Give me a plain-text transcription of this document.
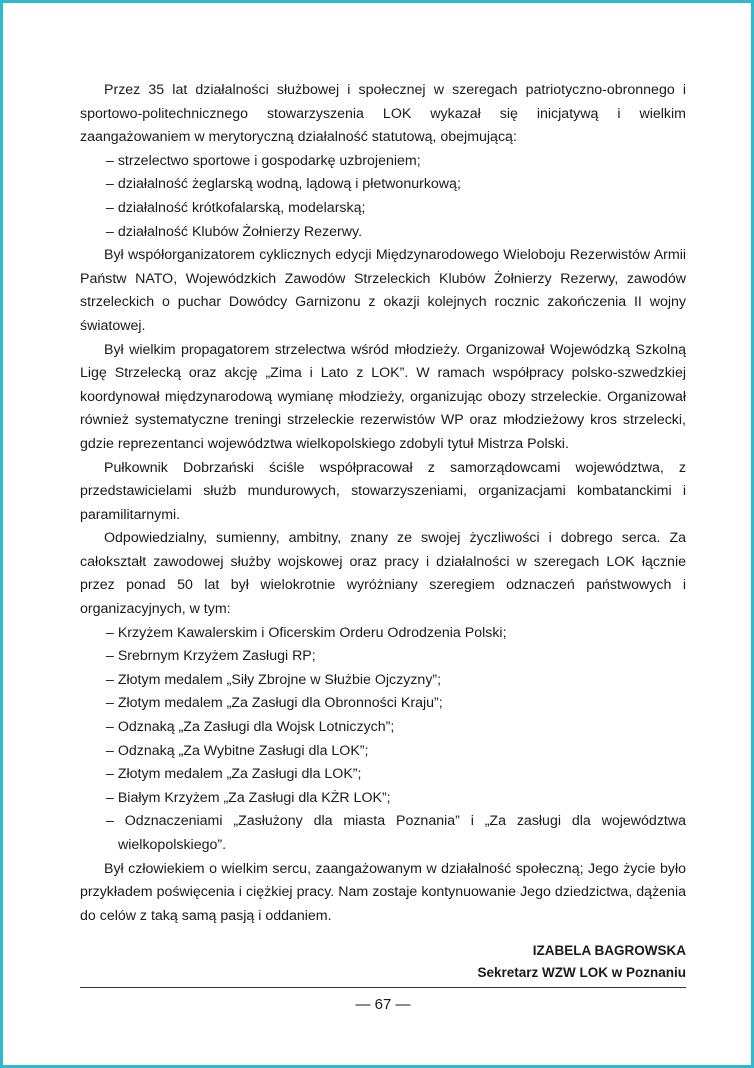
Przez 35 lat działalności służbowej i społecznej w szeregach patriotyczno-obronnego i sportowo-politechnicznego stowarzyszenia LOK wykazał się inicjatywą i wielkim zaangażowaniem w merytoryczną działalność statutową, obejmującą:

– strzelectwo sportowe i gospodarkę uzbrojeniem;
– działalność żeglarską wodną, lądową i płetwonurkową;
– działalność krótkofalarską, modelarską;
– działalność Klubów Żołnierzy Rezerwy.

Był współorganizatorem cyklicznych edycji Międzynarodowego Wieloboju Rezerwistów Armii Państw NATO, Wojewódzkich Zawodów Strzeleckich Klubów Żołnierzy Rezerwy, zawodów strzeleckich o puchar Dowódcy Garnizonu z okazji kolejnych rocznic zakończenia II wojny światowej.

Był wielkim propagatorem strzelectwa wśród młodzieży. Organizował Wojewódzką Szkolną Ligę Strzelecką oraz akcję „Zima i Lato z LOK”. W ramach współpracy polsko-szwedzkiej koordynował międzynarodową wymianę młodzieży, organizując obozy strzeleckie. Organizował również systematyczne treningi strzeleckie rezerwistów WP oraz młodzieżowy kros strzelecki, gdzie reprezentanci województwa wielkopolskiego zdobyli tytuł Mistrza Polski.

Pułkownik Dobrzański ściśle współpracował z samorządowcami województwa, z przedstawicielami służb mundurowych, stowarzyszeniami, organizacjami kombatanckimi i paramilitarnymi.

Odpowiedzialny, sumienny, ambitny, znany ze swojej życzliwości i dobrego serca. Za całokształt zawodowej służby wojskowej oraz pracy i działalności w szeregach LOK łącznie przez ponad 50 lat był wielokrotnie wyróżniany szeregiem odznaczeń państwowych i organizacyjnych, w tym:

– Krzyżem Kawalerskim i Oficerskim Orderu Odrodzenia Polski;
– Srebrnym Krzyżem Zasługi RP;
– Złotym medalem „Siły Zbrojne w Służbie Ojczyzny”;
– Złotym medalem „Za Zasługi dla Obronności Kraju”;
– Odznaką „Za Zasługi dla Wojsk Lotniczych”;
– Odznaką „Za Wybitne Zasługi dla LOK”;
– Złotym medalem „Za Zasługi dla LOK”;
– Białym Krzyżem „Za Zasługi dla KŻR LOK”;
– Odznaczeniami „Zasłużony dla miasta Poznania” i „Za zasługi dla województwa wielkopolskiego”.

Był człowiekiem o wielkim sercu, zaangażowanym w działalność społeczną; Jego życie było przykładem poświęcenia i ciężkiej pracy. Nam zostaje kontynuowanie Jego dziedzictwa, dążenia do celów z taką samą pasją i oddaniem.

IZABELA BAGROWSKA
Sekretarz WZW LOK w Poznaniu
— 67 —
